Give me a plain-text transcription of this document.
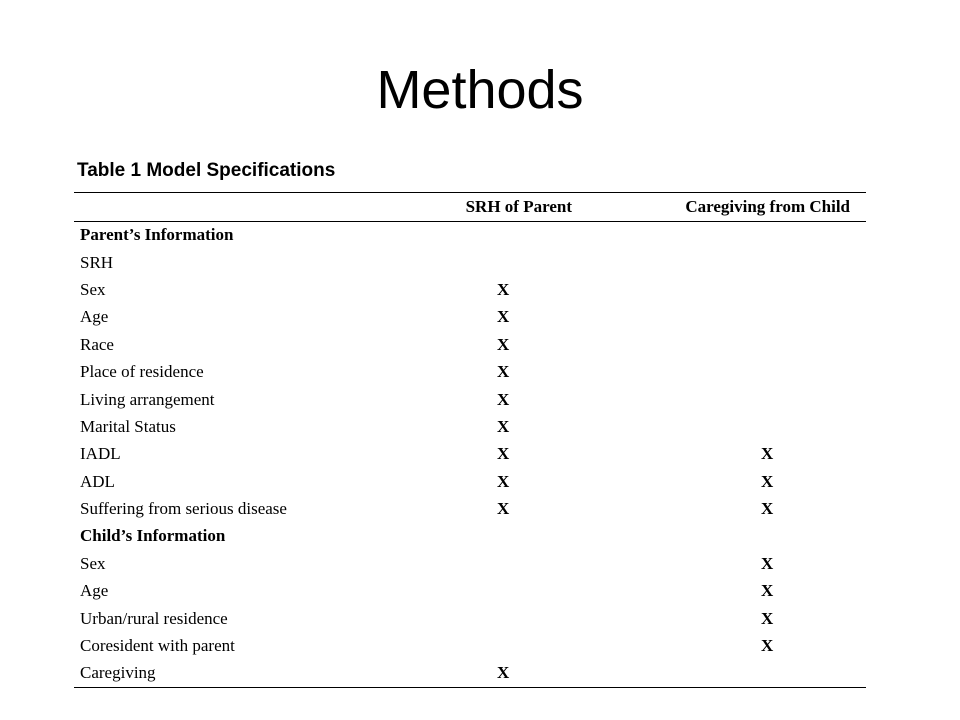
Methods
Table 1 Model Specifications
	SRH of Parent	Caregiving from Child
Parent’s Information		
SRH		
Sex	X	
Age	X	
Race	X	
Place of residence	X	
Living arrangement	X	
Marital Status	X	
IADL	X	X
ADL	X	X
Suffering from serious disease	X	X
Child’s Information		
Sex		X
Age		X
Urban/rural residence		X
Coresident with parent		X
Caregiving	X	
